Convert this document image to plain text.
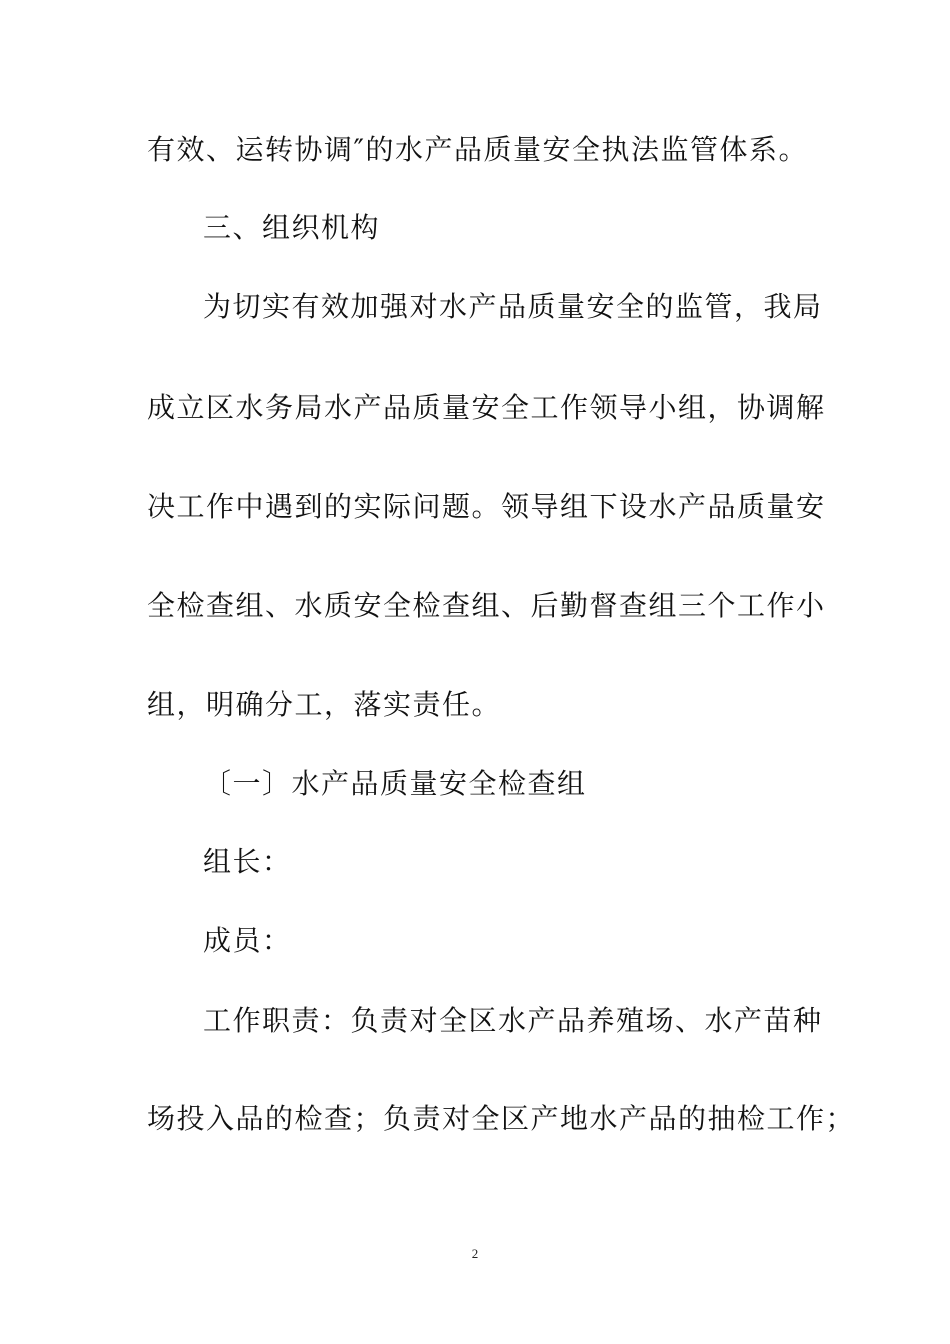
有效、运转协调″的水产品质量安全执法监管体系。
三、组织机构
为切实有效加强对水产品质量安全的监管，我局
成立区水务局水产品质量安全工作领导小组，协调解
决工作中遇到的实际问题。领导组下设水产品质量安
全检查组、水质安全检查组、后勤督查组三个工作小
组，明确分工，落实责任。
〔一〕水产品质量安全检查组
组长：
成员：
工作职责：负责对全区水产品养殖场、水产苗种
场投入品的检查；负责对全区产地水产品的抽检工作；
2
